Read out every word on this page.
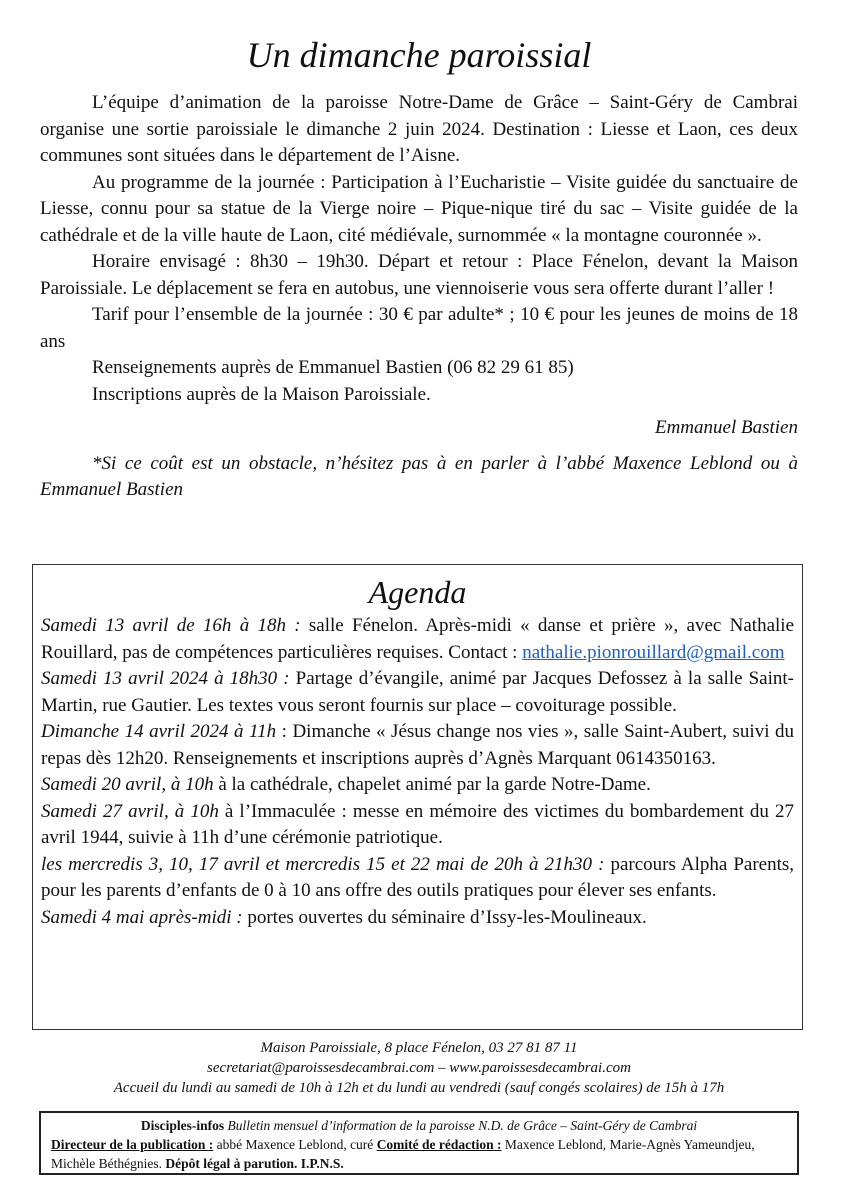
Un dimanche paroissial

L’équipe d’animation de la paroisse Notre-Dame de Grâce – Saint-Géry de Cambrai organise une sortie paroissiale le dimanche 2 juin 2024. Destination : Liesse et Laon, ces deux communes sont situées dans le département de l’Aisne.

Au programme de la journée : Participation à l’Eucharistie – Visite guidée du sanctuaire de Liesse, connu pour sa statue de la Vierge noire – Pique-nique tiré du sac – Visite guidée de la cathédrale et de la ville haute de Laon, cité médiévale, surnommée « la montagne couronnée ».

Horaire envisagé : 8h30 – 19h30. Départ et retour : Place Fénelon, devant la Maison Paroissiale. Le déplacement se fera en autobus, une viennoiserie vous sera offerte durant l’aller !

Tarif pour l’ensemble de la journée : 30 € par adulte* ; 10 € pour les jeunes de moins de 18 ans

Renseignements auprès de Emmanuel Bastien (06 82 29 61 85)

Inscriptions auprès de la Maison Paroissiale.

Emmanuel Bastien

*Si ce coût est un obstacle, n’hésitez pas à en parler à l’abbé Maxence Leblond ou à Emmanuel Bastien

Agenda

Samedi 13 avril de 16h à 18h : salle Fénelon. Après-midi « danse et prière », avec Nathalie Rouillard, pas de compétences particulières requises. Contact : nathalie.pionrouillard@gmail.com

Samedi 13 avril 2024 à 18h30 : Partage d’évangile, animé par Jacques Defossez à la salle Saint-Martin, rue Gautier. Les textes vous seront fournis sur place – covoiturage possible.

Dimanche 14 avril 2024 à 11h : Dimanche « Jésus change nos vies », salle Saint-Aubert, suivi du repas dès 12h20. Renseignements et inscriptions auprès d’Agnès Marquant 0614350163.

Samedi 20 avril, à 10h à la cathédrale, chapelet animé par la garde Notre-Dame.

Samedi 27 avril, à 10h à l’Immaculée : messe en mémoire des victimes du bombardement du 27 avril 1944, suivie à 11h d’une cérémonie patriotique.

les mercredis 3, 10, 17 avril et mercredis 15 et 22 mai de 20h à 21h30 : parcours Alpha Parents, pour les parents d’enfants de 0 à 10 ans offre des outils pratiques pour élever ses enfants.

Samedi 4 mai après-midi : portes ouvertes du séminaire d’Issy-les-Moulineaux.

Maison Paroissiale, 8 place Fénelon, 03 27 81 87 11
secretariat@paroissesdecambrai.com – www.paroissesdecambrai.com
Accueil du lundi au samedi de 10h à 12h et du lundi au vendredi (sauf congés scolaires) de 15h à 17h
Disciples-infos Bulletin mensuel d’information de la paroisse N.D. de Grâce – Saint-Géry de Cambrai
Directeur de la publication : abbé Maxence Leblond, curé Comité de rédaction : Maxence Leblond, Marie-Agnès Yameundjeu, Michèle Béthégnies. Dépôt légal à parution. I.P.N.S.
